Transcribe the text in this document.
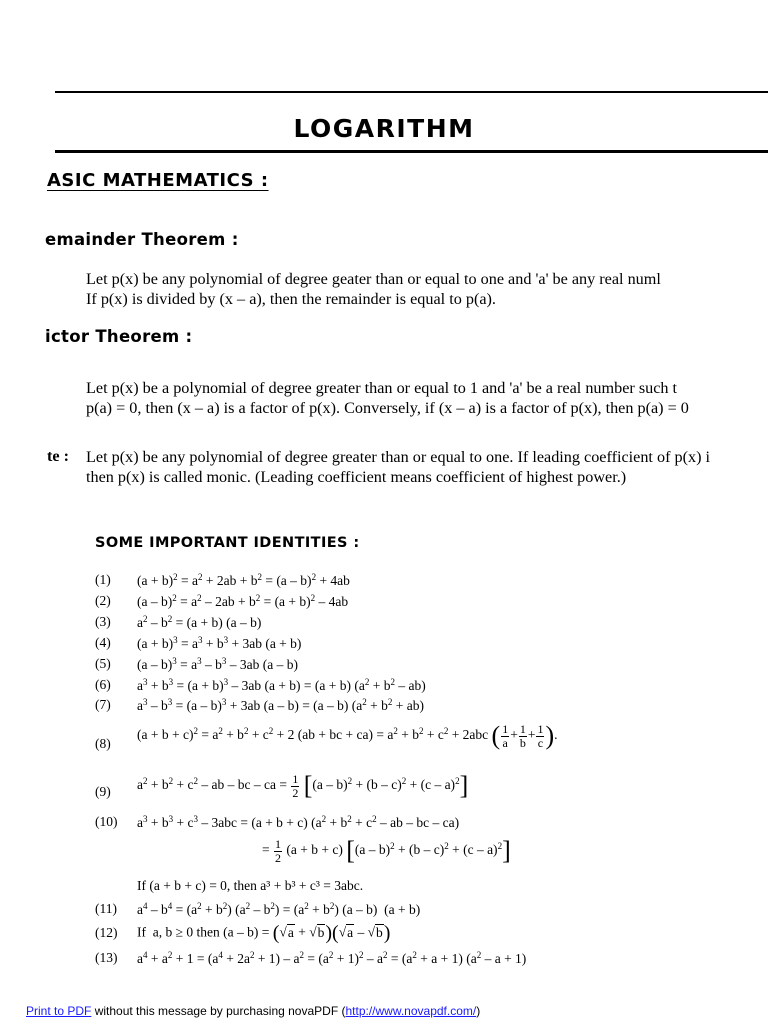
LOGARITHM
ASIC MATHEMATICS :
emainder Theorem :
Let p(x) be any polynomial of degree geater than or equal to one and 'a' be any real numl
If p(x) is divided by (x – a), then the remainder is equal to p(a).
ictor Theorem :
Let p(x) be a polynomial of degree greater than or equal to 1 and 'a' be a real number such t
p(a) = 0, then (x – a) is a factor of p(x). Conversely, if (x – a) is a factor of p(x), then p(a) = 0
te : Let p(x) be any polynomial of degree greater than or equal to one. If leading coefficient of p(x) i
then p(x) is called monic. (Leading coefficient means coefficient of highest power.)
SOME IMPORTANT IDENTITIES :
(1) $(a + b)^2 = a^2 + 2ab + b^2 = (a - b)^2 + 4ab$
(2) $(a - b)^2 = a^2 - 2ab + b^2 = (a + b)^2 - 4ab$
(3) $a^2 - b^2 = (a + b)$ (a – b)
(4) $(a + b)^3 = a^3 + b^3 + 3ab$ (a + b)
(5) $(a - b)^3 = a^3 - b^3 - 3ab$ (a – b)
(6) $a^3 + b^3 = (a + b)^3 - 3ab$ (a + b) = (a + b) $(a^2 + b^2 - ab)$
(7) $a^3 - b^3 = (a - b)^3 + 3ab$ (a – b) = (a – b) $(a^2 + b^2 + ab)$
(8)
$(a + b + c)^2 = a^2 + b^2 + c^2 + 2$ (ab + bc + $ca) = a^2 + b^2 + c^2 + 2abc$ ( $\frac{1}{a} + \frac{1}{b} + \frac{1}{c}$ ).
(9) $a^2 + b^2 + c^2$ – ab – bc – ca = $\frac{1}{2} [(a - b)^2 + (b - c)^2 + (c - a)^2]$
(10) $a^3 + b^3 + c^3 - 3abc = (a + b + c) (a^2 + b^2 + c^2$ – ab – bc – ca)
= $\frac{1}{2} (a + b + c)$ [(a – b)$^2$ + (b – c)$^2$ + (c – a)$^2$]
If (a + b + c) = 0, then a³ + b³ + c³ = 3abc.
(11) $a^4 - b^4 = (a^2 + b^2)$ $(a^2 - b^2) = (a^2 + b^2)$ (a – b)  (a + b)
(12) If  a, b ≥ 0 then (a – b) = (√a + √b)(√a – √b)
(13) $a^4 + a^2 + 1 = (a^4 + 2a^2 + 1) - a^2 = (a^2 + 1)^2 - a^2 = (a^2 + a + 1)$ $(a^2 - a + 1)$
Print to PDF without this message by purchasing novaPDF (http://www.novapdf.com/)
